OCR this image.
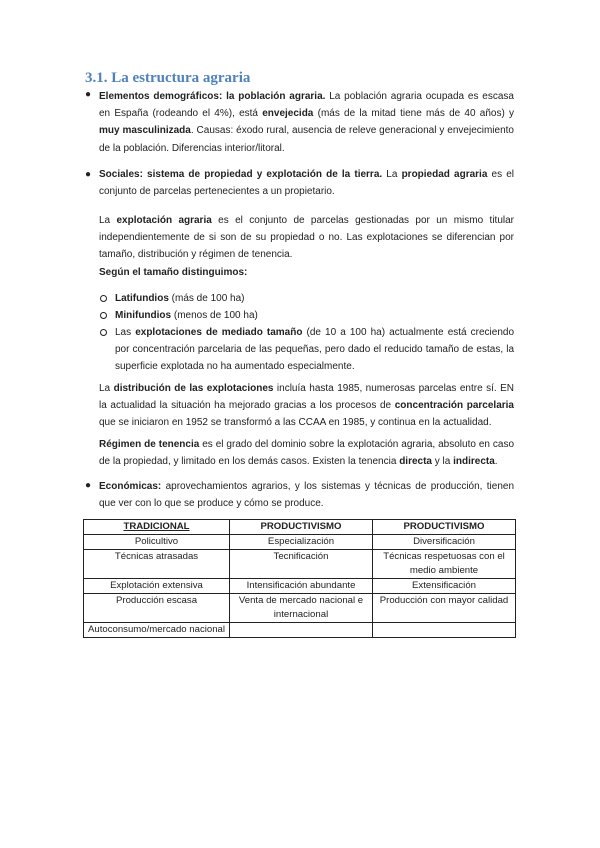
3.1. La estructura agraria
● Elementos demográficos: la población agraria. La población agraria ocupada es escasa en España (rodeando el 4%), está envejecida (más de la mitad tiene más de 40 años) y muy masculinizada. Causas: éxodo rural, ausencia de releve generacional y envejecimiento de la población. Diferencias interior/litoral.

● Sociales: sistema de propiedad y explotación de la tierra. La propiedad agraria es el conjunto de parcelas pertenecientes a un propietario.

La explotación agraria es el conjunto de parcelas gestionadas por un mismo titular independientemente de si son de su propiedad o no. Las explotaciones se diferencian por tamaño, distribución y régimen de tenencia.
Según el tamaño distinguimos:

Latifundios (más de 100 ha)

Minifundios (menos de 100 ha)

Las explotaciones de mediado tamaño (de 10 a 100 ha) actualmente está creciendo por concentración parcelaria de las pequeñas, pero dado el reducido tamaño de estas, la superficie explotada no ha aumentado especialmente.

La distribución de las explotaciones incluía hasta 1985, numerosas parcelas entre sí. EN la actualidad la situación ha mejorado gracias a los procesos de concentración parcelaria que se iniciaron en 1952 se transformó a las CCAA en 1985, y continua en la actualidad.

Régimen de tenencia es el grado del dominio sobre la explotación agraria, absoluto en caso de la propiedad, y limitado en los demás casos. Existen la tenencia directa y la indirecta.

● Económicas: aprovechamientos agrarios, y los sistemas y técnicas de producción, tienen que ver con lo que se produce y cómo se produce.

TRADICIONAL	PRODUCTIVISMO	PRODUCTIVISMO
Policultivo	Especialización	Diversificación
Técnicas atrasadas	Tecnificación	Técnicas respetuosas con el medio ambiente
Explotación extensiva	Intensificación abundante	Extensificación
Producción escasa	Venta de mercado nacional e internacional	Producción con mayor calidad
Autoconsumo/mercado nacional		
